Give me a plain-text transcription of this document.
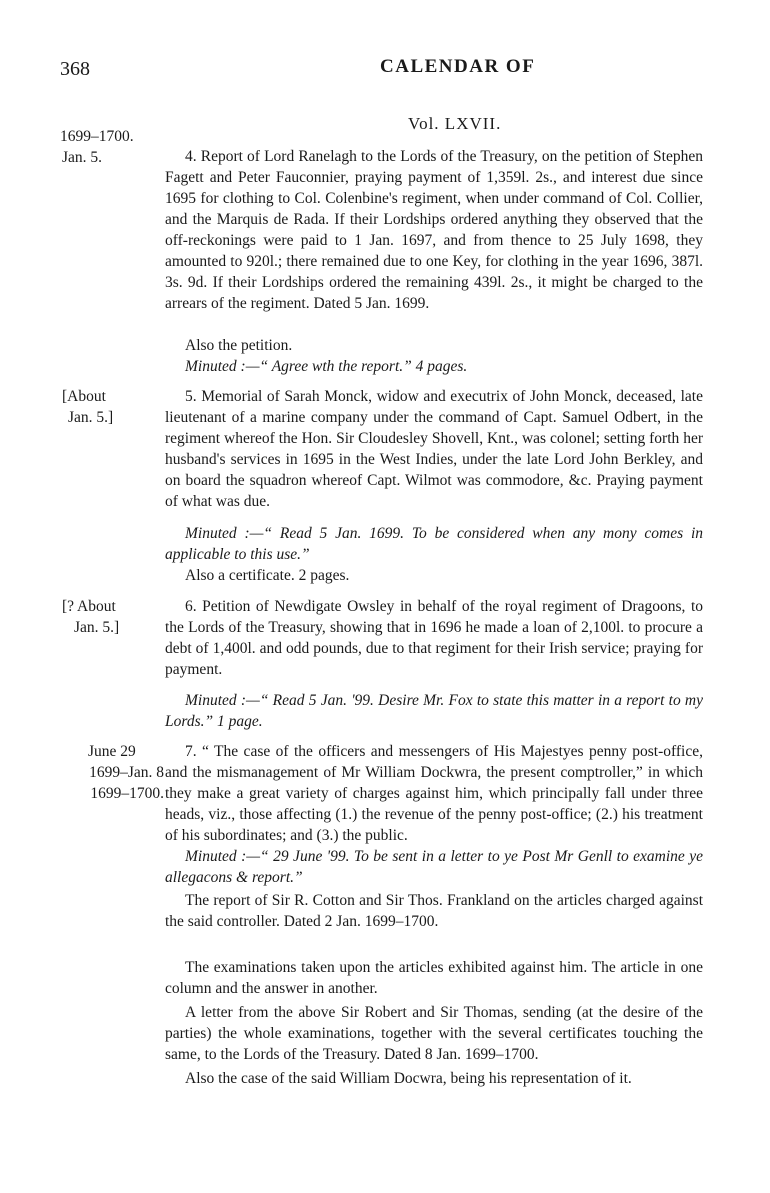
368	CALENDAR OF
Vol. LXVII.
1699–1700.
Jan. 5.	4. Report of Lord Ranelagh to the Lords of the Treasury, on the petition of Stephen Fagett and Peter Fauconnier, praying payment of 1,359l. 2s., and interest due since 1695 for clothing to Col. Colenbine's regiment, when under command of Col. Collier, and the Marquis de Rada. If their Lordships ordered anything they observed that the off-reckonings were paid to 1 Jan. 1697, and from thence to 25 July 1698, they amounted to 920l.; there remained due to one Key, for clothing in the year 1696, 387l. 3s. 9d. If their Lordships ordered the remaining 439l. 2s., it might be charged to the arrears of the regiment. Dated 5 Jan. 1699.
Also the petition.
Minuted :—“ Agree wth the report.” 4 pages.
[About
Jan. 5.]
5. Memorial of Sarah Monck, widow and executrix of John Monck, deceased, late lieutenant of a marine company under the command of Capt. Samuel Odbert, in the regiment whereof the Hon. Sir Cloudesley Shovell, Knt., was colonel; setting forth her husband's services in 1695 in the West Indies, under the late Lord John Berkley, and on board the squadron whereof Capt. Wilmot was commodore, &c. Praying payment of what was due.
Minuted :—“ Read 5 Jan. 1699. To be considered when any mony comes in applicable to this use.”
Also a certificate. 2 pages.
[? About
Jan. 5.]
6. Petition of Newdigate Owsley in behalf of the royal regiment of Dragoons, to the Lords of the Treasury, showing that in 1696 he made a loan of 2,100l. to procure a debt of 1,400l. and odd pounds, due to that regiment for their Irish service; praying for payment.
Minuted :—“ Read 5 Jan. '99. Desire Mr. Fox to state this matter in a report to my Lords.” 1 page.
June 29
1699–Jan. 8
1699–1700.
7. “ The case of the officers and messengers of His Majestyes penny post-office, and the mismanagement of Mr William Dockwra, the present comptroller,” in which they make a great variety of charges against him, which principally fall under three heads, viz., those affecting (1.) the revenue of the penny post-office; (2.) his treatment of his subordinates; and (3.) the public.
Minuted :—“ 29 June '99. To be sent in a letter to ye Post Mr Genll to examine ye allegacons & report.”
The report of Sir R. Cotton and Sir Thos. Frankland on the articles charged against the said controller. Dated 2 Jan. 1699–1700.
The examinations taken upon the articles exhibited against him. The article in one column and the answer in another.
A letter from the above Sir Robert and Sir Thomas, sending (at the desire of the parties) the whole examinations, together with the several certificates touching the same, to the Lords of the Treasury. Dated 8 Jan. 1699–1700.
Also the case of the said William Docwra, being his representation of it.
